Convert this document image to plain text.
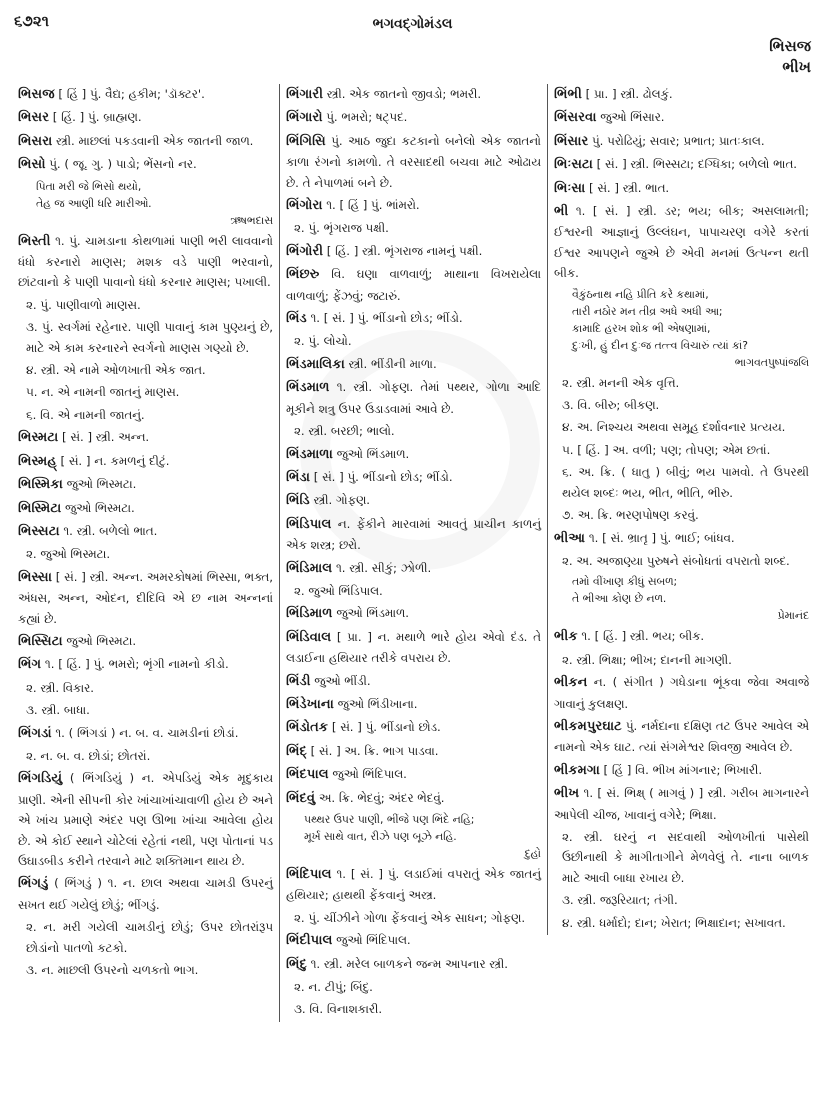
૬૭૨૧	ભગવદ્ગોમંડલ
ભિસજ
ભીખ
ભિસજ [ હિં ] પું. વૈદ્ય; હકીમ; 'ડૉક્ટર'.
ભિસર [ હિં. ] પું. બ્રાહ્મણ.
ભિસરા સ્ત્રી. માછલાં પકડવાની એક જાતની જાળ.
ભિસો પું. ( જૂ. ગુ. ) પાડો; ભેંસનો નર.
પિતા મરી જે ભિસો થયો,
તેહ જ આણી ધરિ મારીઓ.
ઋષભદાસ
ભિસ્તી ૧. પું. ચામડાના કોથળામાં પાણી ભરી લાવવાનો ધંધો કરનારો માણસ; મશક વડે પાણી ભરવાનો, છાંટવાનો કે પાણી પાવાનો ધંધો કરનાર માણસ; પખાલી.
૨. પું. પાણીવાળો માણસ.
૩. પું. સ્વર્ગમાં રહેનાર. પાણી પાવાનું કામ પુણ્યનું છે, માટે એ કામ કરનારને સ્વર્ગનો માણસ ગણ્યો છે.
૪. સ્ત્રી. એ નામે ઓળખાતી એક જાત.
૫. ન. એ નામની જાતનું માણસ.
૬. વિ. એ નામની જાતનું.
ભિસ્મટા [ સં. ] સ્ત્રી. અન્ન.
ભિસ્મહ્ [ સં. ] ન. કમળનું દીટું.
ભિસ્મિકા જુઓ ભિસ્મટા.
ભિસ્મિટા જુઓ ભિસ્મટા.
ભિસ્સટા ૧. સ્ત્રી. બળેલો ભાત.
૨. જુઓ ભિસ્મટા.
ભિસ્સા [ સં. ] સ્ત્રી. અન્ન. અમરકોષમાં ભિસ્સા, ભક્ત, અંધસ, અન્ન, ઓદન, દીદિવિ એ છ નામ અન્નનાં કહ્યાં છે.
ભિસ્સિટા જુઓ ભિસ્મટા.
ભિંગ ૧. [ હિં. ] પું. ભમરો; ભૃંગી નામનો કીડો.
૨. સ્ત્રી. વિકાર.
૩. સ્ત્રી. બાધા.
ભિંગડાં ૧. ( ભિંગડાં ) ન. બ. વ. ચામડીનાં છોડાં.
૨. ન. બ. વ. છોડાં; છોતરાં.
ભિંગડિયું ( ભિંગડિયું ) ન. એપડિયું એક મૃદુકાય પ્રાણી. એની સીપની કોર ખાંચાખાંચાવાળી હોય છે અને એ ખાંચ પ્રમાણે અંદર પણ ઊભા ખાંચા આવેલા હોય છે. એ કોઈ સ્થાને ચોટેલાં રહેતાં નથી, પણ પોતાનાં પડ ઉઘાડબીડ કરીને તરવાને માટે શક્તિમાન થાય છે.
ભિંગડું ( ભિંગડું ) ૧. ન. છાલ અથવા ચામડી ઉપરનું સખત થઈ ગયેલું છોડું; ભીંગડું.
૨. ન. મરી ગયેલી ચામડીનું છોડું; ઉપર છોતરાંરૂપ છોડાંનો પાતળો કટકો.
૩. ન. માછલી ઉપરનો ચળકતો ભાગ.
ભિંગારી સ્ત્રી. એક જાતનો જીવડો; ભમરી.
ભિંગારો પું. ભમરો; ષટ્પદ.
ભિંગિસિ પું. આઠ જુદા કટકાનો બનેલો એક જાતનો કાળા રંગનો કામળો. તે વરસાદથી બચવા માટે ઓઢાય છે. તે નેપાળમાં બને છે.
ભિંગોરા ૧. [ હિં ] પું. ભાંમરો.
૨. પું. ભૃંગરાજ પક્ષી.
ભિંગોરી [ હિં. ] સ્ત્રી. ભૃંગરાજ નામનું પક્ષી.
ભિંછરુ વિ. ઘણા વાળવાળું; માથાના વિખરાયેલા વાળવાળું; ફેંઝવું; જટારું.
ભિંડ ૧. [ સં. ] પું. ભીંડાનો છોડ; ભીંડો.
૨. પું. લોચો.
ભિંડમાલિકા સ્ત્રી. ભીંડીની માળા.
ભિંડમાળ ૧. સ્ત્રી. ગોફણ. તેમાં પથ્થર, ગોળા આદિ મૂકીને શત્રુ ઉપર ઉડાડવામાં આવે છે.
૨. સ્ત્રી. બરછી; ભાલો.
ભિંડમાળા જુઓ ભિંડમાળ.
ભિંડા [ સં. ] પું. ભીંડાનો છોડ; ભીંડો.
ભિંડિ સ્ત્રી. ગોફણ.
ભિંડિપાલ ન. ફેંકીને મારવામાં આવતું પ્રાચીન કાળનું એક શસ્ત્ર; છરો.
ભિંડિમાલ ૧. સ્ત્રી. સીકું; ઝોળી.
૨. જુઓ ભિંડિપાલ.
ભિંડિમાળ જુઓ ભિંડમાળ.
ભિંડિવાલ [ પ્રા. ] ન. મથાળે ભારે હોય એવો દંડ. તે લડાઈના હથિયાર તરીકે વપરાય છે.
ભિંડી જુઓ ભીંડી.
ભિંડેખાના જુઓ ભિંડીખાના.
ભિંડોતક [ સં. ] પું. ભીંડાનો છોડ.
ભિંદ્ [ સં. ] અ. ક્રિ. ભાગ પાડવા.
ભિંદપાલ જુઓ ભિંદિપાલ.
ભિંદવું અ. ક્રિ. ભેદવું; અંદર ભેદવું.
પથ્થર ઉપર પાણી, ભીંજે પણ ભિંદે નહિ;
મૂર્ખ સાથે વાત, રીઝે પણ બૂઝે નહિ.
દુહો
ભિંદિપાલ ૧. [ સં. ] પું. લડાઈમાં વપરાતું એક જાતનું હથિયાર; હાથથી ફેંકવાનું અસ્ત્ર.
૨. પું. ચીંઝીને ગોળા ફેંકવાનું એક સાધન; ગોફણ.
ભિંદીપાલ જુઓ ભિંદિપાલ.
ભિંદુ ૧. સ્ત્રી. મરેલ બાળકને જન્મ આપનાર સ્ત્રી.
૨. ન. ટીપું; બિંદુ.
૩. વિ. વિનાશકારી.
ભિંભી [ પ્રા. ] સ્ત્રી. ઢોલકું.
ભિંસરવા જુઓ ભિંસાર.
ભિંસાર પું. પરોઢિયું; સવાર; પ્રભાત; પ્રાતઃકાલ.
ભિઃસટા [ સં. ] સ્ત્રી. ભિસ્સટા; દગ્ધિકા; બળેલો ભાત.
ભિઃસા [ સં. ] સ્ત્રી. ભાત.
ભી ૧. [ સં. ] સ્ત્રી. ડર; ભય; બીક; અસલામતી; ઈશ્વરની આજ્ઞાનું ઉલ્લંઘન, પાપાચરણ વગેરે કરતાં ઈશ્વર આપણને જુએ છે એવી મનમાં ઉત્પન્ન થતી બીક.
વૈકુંઠનાથ નહિ પ્રીતિ કરે કથામાં,
તારી નઠોર મન તીવ્ર અધે અધી આ;
કામાદિ હરખ શોક ભી એષણામાં,
દુઃખી, હું દીન દુઃજ તત્ત્વ વિચારું ત્યાં કાં?
ભાગવતપુષ્પાંજલિ
૨. સ્ત્રી. મનની એક વૃત્તિ.
૩. વિ. બીરુ; બીકણ.
૪. અ. નિશ્ચય અથવા સમૂહ દર્શાવનાર પ્રત્યય.
૫. [ હિં. ] અ. વળી; પણ; તોપણ; એમ છતાં.
૬. અ. ક્રિ. ( ધાતુ ) બીવું; ભય પામવો. તે ઉપરથી થયેલ શબ્દઃ ભય, ભીત, ભીતિ, ભીરુ.
૭. અ. ક્રિ. ભરણપોષણ કરવું.
ભીઆ ૧. [ સં. ભ્રાતૃ ] પું. ભાઈ; બાંધવ.
૨. અ. અજાણ્યા પુરુષને સંબોધતાં વપરાતો શબ્દ.
તમો વીંખાણ કીધું સબળ;
તે ભીઆ કોણ છે નળ.
પ્રેમાનંદ
ભીક ૧. [ હિં. ] સ્ત્રી. ભય; બીક.
૨. સ્ત્રી. ભિક્ષા; ભીખ; દાનની માગણી.
ભીકન ન. ( સંગીત ) ગધેડાના ભૂંકવા જેવા અવાજે ગાવાનું કુલક્ષણ.
ભીકમપુરઘાટ પું. નર્મદાના દક્ષિણ તટ ઉપર આવેલ એ નામનો એક ઘાટ. ત્યાં સંગમેશ્વર શિવજી આવેલ છે.
ભીકમગા [ હિં ] વિ. ભીખ માંગનાર; ભિખારી.
ભીખ ૧. [ સં. ભિક્ષ્ ( માગવું ) ] સ્ત્રી. ગરીબ માગનારને આપેલી ચીજ, ખાવાનું વગેરે; ભિક્ષા.
૨. સ્ત્રી. ઘરનું ન સદવાથી ઓળખીતાં પાસેથી ઉછીનાથી કે માગીતાગીને મેળવેલું તે. નાના બાળક માટે આવી બાધા રખાય છે.
૩. સ્ત્રી. જરૂરિયાત; તંગી.
૪. સ્ત્રી. ધર્માદો; દાન; ખેરાત; ભિક્ષાદાન; સખાવત.
